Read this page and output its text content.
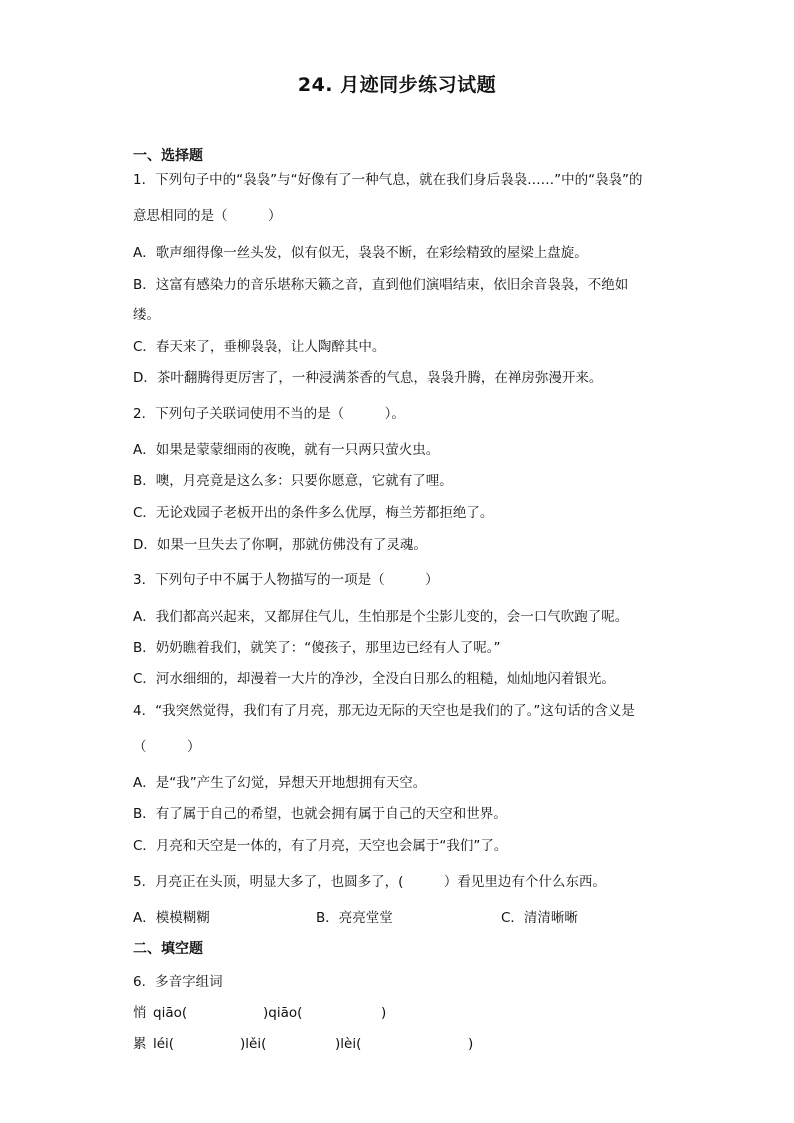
24. 月迹同步练习试题
一、选择题
1．下列句子中的“袅袅”与“好像有了一种气息，就在我们身后袅袅……”中的“袅袅”的
意思相同的是（　　　）
A．歌声细得像一丝头发，似有似无，袅袅不断，在彩绘精致的屋梁上盘旋。
B．这富有感染力的音乐堪称天籁之音，直到他们演唱结束，依旧余音袅袅，不绝如
缕。
C．春天来了，垂柳袅袅，让人陶醉其中。
D．茶叶翻腾得更厉害了，一种浸满茶香的气息，袅袅升腾，在禅房弥漫开来。
2．下列句子关联词使用不当的是（　　　）。
A．如果是蒙蒙细雨的夜晚，就有一只两只萤火虫。
B．噢，月亮竟是这么多：只要你愿意，它就有了哩。
C．无论戏园子老板开出的条件多么优厚，梅兰芳都拒绝了。
D．如果一旦失去了你啊，那就仿佛没有了灵魂。
3．下列句子中不属于人物描写的一项是（　　　）
A．我们都高兴起来，又都屏住气儿，生怕那是个尘影儿变的，会一口气吹跑了呢。
B．奶奶瞧着我们，就笑了：“傻孩子，那里边已经有人了呢。”
C．河水细细的，却漫着一大片的净沙，全没白日那么的粗糙，灿灿地闪着银光。
4．“我突然觉得，我们有了月亮，那无边无际的天空也是我们的了。”这句话的含义是
（　　　）
A．是“我”产生了幻觉，异想天开地想拥有天空。
B．有了属于自己的希望，也就会拥有属于自己的天空和世界。
C．月亮和天空是一体的，有了月亮，天空也会属于“我们”了。
5．月亮正在头顶，明显大多了，也圆多了，(　　　）看见里边有个什么东西。
A．模模糊糊	B．亮亮堂堂	C．清清晰晰
二、填空题
6．多音字组词
悄 qiāo(	)qiāo(	)
累 léi(	)lěi(	)lèi(	)
